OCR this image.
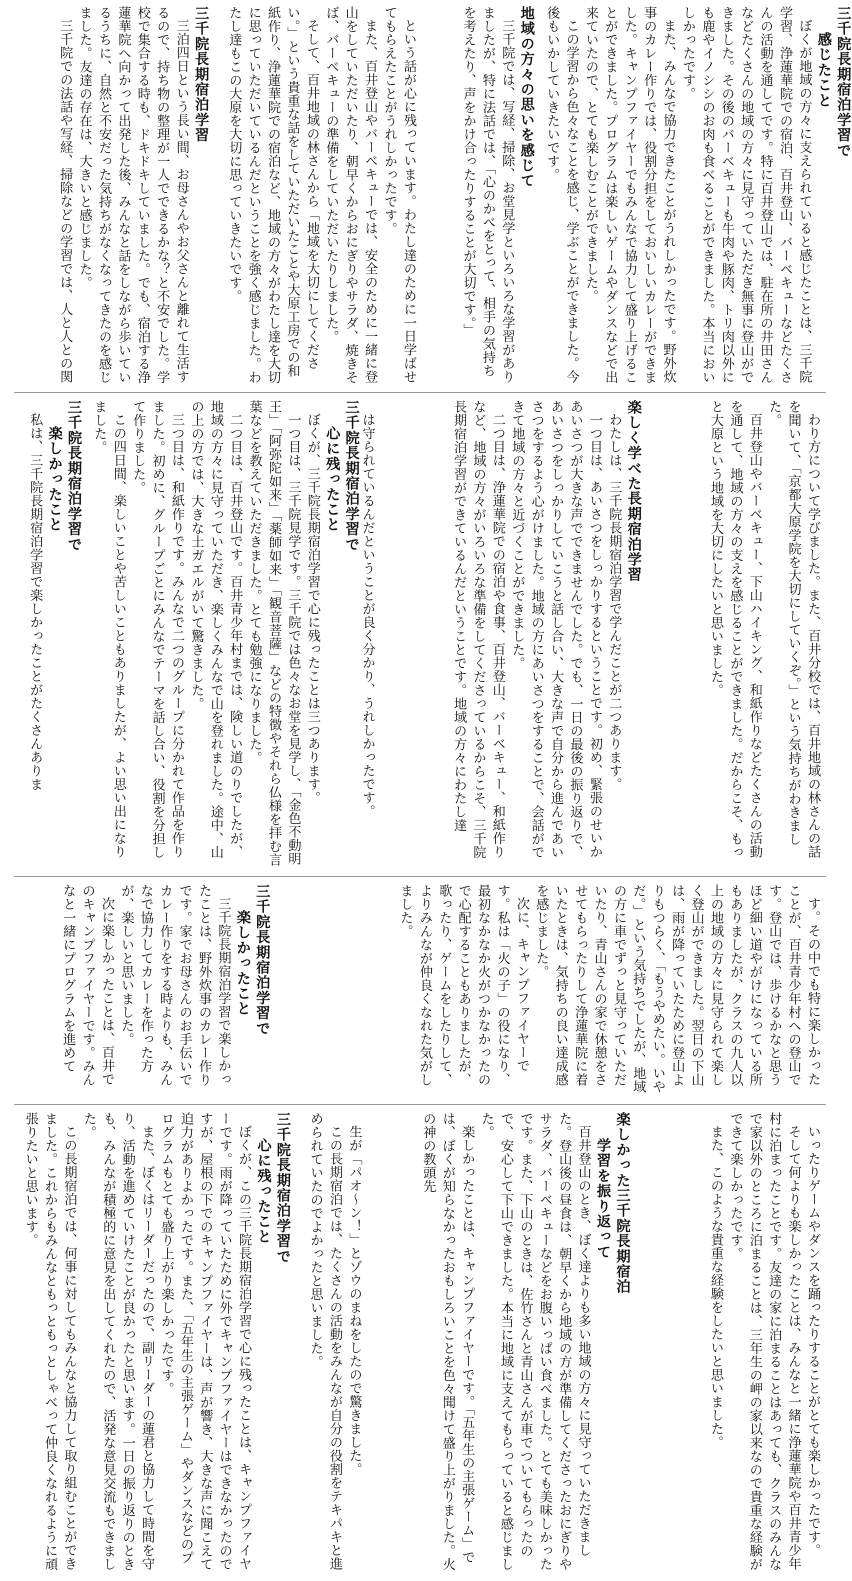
三千院長期宿泊学習で
感じたこと

ぼくが地域の方々に支えられていると感じたことは、三千院学習、浄蓮華院での宿泊、百井登山、バーベキューなどたくさんの活動を通してです。特に百井登山では、駐在所の井田さんなどたくさんの地域の方々に見守っていただき無事に登山ができました。その後のバーベキューも牛肉や豚肉、トリ肉以外にも鹿やイノシシのお肉も食べることができました。本当においしかったです。

また、みんなで協力できたことがうれしかったです。野外炊事のカレー作りでは、役割分担をしておいしいカレーができました。キャンプファイヤーでもみんなで協力して盛り上げることができました。プログラムは楽しいゲームやダンスなどで出来ていたので、とても楽しむことができました。

この学習から色々なことを感じ、学ぶことができました。今後もいかしていきたいです。

地域の方々の思いを感じて

三千院では、写経、掃除、お堂見学といろいろな学習がありましたが、特に法話では、「心のかべをとって、相手の気持ちを考えたり、声をかけ合ったりすることが大切です。」

という話が心に残っています。わたし達のために一日学ばせてもらえたことがうれしかったです。

また、百井登山やバーベキューでは、安全のために一緒に登山をしていただいたり、朝早くからおにぎりやサラダ、焼きそば、バーベキューの準備をしていただいたりしました。

そして、百井地域の林さんから「地域を大切にしてください。」という貴重な話をしていただいたことや大原工房での和紙作り、浄蓮華院での宿泊など、地域の方々がわたし達を大切に思っていただいているんだということを強く感じました。わたし達もこの大原を大切に思っていきたいです。

三千院長期宿泊学習

三泊四日という長い間、お母さんやお父さんと離れて生活するので、持ち物の整理が一人でできるかな？と不安でした。学校で集合する時も、ドキドキしていました。でも、宿泊する浄蓮華院へ向かって出発した後、みんなと話をしながら歩いているうちに、自然と不安だった気持ちがなくなってきたのを感じました。友達の存在は、大きいと感じました。

三千院での法話や写経、掃除などの学習では、人と人との関

わり方について学びました。また、百井分校では、百井地域の林さんの話を聞いて、「京都大原学院を大切にしていくぞ。」という気持ちがわきました。

百井登山やバーベキュー、下山ハイキング、和紙作りなどたくさんの活動を通して、地域の方々の支えを感じることができました。だからこそ、もっと大原という地域を大切にしたいと思いました。

楽しく学べた長期宿泊学習

わたしは、三千院長期宿泊学習で学んだことが二つあります。

一つ目は、あいさつをしっかりするということです。初め、緊張のせいかあいさつが大きな声でできませんでした。でも、一日の最後の振り返りで、あいさつをしっかりしていこうと話し合い、大きな声で自分から進んであいさつをするよう心がけました。地域の方にあいさつをすることで、会話ができて地域の方々と近づくことができました。

二つ目は、浄蓮華院での宿泊や食事、百井登山、バーベキュー、和紙作りなど、地域の方々がいろいろな準備をしてくださっているからこそ、三千院長期宿泊学習ができているんだということです。地域の方々にわたし達

は守られているんだということが良く分かり、うれしかったです。

三千院長期宿泊学習で
心に残ったこと

ぼくが、三千院長期宿泊学習で心に残ったことは三つあります。

一つ目は、三千院見学です。三千院では色々なお堂を見学し、「金色不動明王」「阿弥陀如来」「薬師如来」「観音菩薩」などの特徴やそれら仏様を拝む言葉などを教えていただきました。とても勉強になりました。

二つ目は、百井登山です。百井青少年村までは、険しい道のりでしたが、地域の方々に見守っていただき、楽しくみんなで山を登れました。途中、山の上の方では、大きな土ガエルがいて驚きました。

三つ目は、和紙作りです。みんなで二つのグループに分かれて作品を作りました。初めに、グループごとにみんなでテーマを話し合い、役割を分担して作りました。

この四日間、楽しいことや苦しいこともありましたが、よい思い出になりました。

三千院長期宿泊学習で
楽しかったこと

私は、三千院長期宿泊学習で楽しかったことがたくさんありま

す。その中でも特に楽しかったことが、百井青少年村への登山です。登山では、歩けるかなと思うほど細い道やがけになっている所もありましたが、クラスの九人以上の地域の方々に見守られて楽しく登山ができました。翌日の下山は、雨が降っていたために登山よりもつらく、「もうやめたい。いやだ。」という気持ちでしたが、地域の方に車でずっと見守っていただいたり、青山さんの家で休憩をさせてもらったりして浄蓮華院に着いたときは、気持ちの良い達成感を感じました。

次に、キャンプファイヤーです。私は「火の子」の役になり、最初なかなか火がつかなかったので心配することもありましたが、歌ったり、ゲームをしたりして、よりみんなが仲良くなれた気がしました。

三千院長期宿泊学習で
楽しかったこと

三千院長期宿泊学習で楽しかったことは、野外炊事のカレー作りです。家でお母さんのお手伝いでカレー作りをする時よりも、みんなで協力してカレーを作った方が、楽しいと思いました。

次に楽しかったことは、百井でのキャンプファイヤーです。みんなと一緒にプログラムを進めて

いったりゲームやダンスを踊ったりすることがとても楽しかったです。

そして何よりも楽しかったことは、みんなと一緒に浄蓮華院や百井青少年村に泊まったことです。友達の家に泊まることはあっても、クラスのみんなで家以外のところに泊まることは、三年生の岬の家以来なので貴重な経験ができて楽しかったです。

また、このような貴重な経験をしたいと思いました。

楽しかった三千院長期宿泊
学習を振り返って

百井登山のとき、ぼく達よりも多い地域の方々に見守っていただきました。登山後の昼食は、朝早くから地域の方が準備してくださったおにぎりやサラダ、バーベキューなどをお腹いっぱい食べました。とても美味しかったです。また、下山のときは、佐竹さんと青山さんが車でついてもらったので、安心して下山できました。本当に地域に支えてもらっていると感じました。

楽しかったことは、キャンプファイヤーです。「五年生の主張ゲーム」では、ぼくが知らなかったおもしろいことを色々聞けて盛り上がりました。火の神の教頭先

生が「パオ～ン！」とゾウのまねをしたので驚きました。

この長期宿泊では、たくさんの活動をみんなが自分の役割をテキパキと進められていたのでよかったと思いました。

三千院長期宿泊学習で
心に残ったこと

ぼくが、この三千院長期宿泊学習で心に残ったことは、キャンプファイヤーです。雨が降っていたために外でキャンプファイヤーはできなかったのですが、屋根の下でのキャンプファイヤーは、声が響き、大きな声に聞こえて迫力がありよかったです。また、「五年生の主張ゲーム」やダンスなどのプログラムもとても盛り上がり楽しかったです。

また、ぼくはリーダーだったので、副リーダーの蓮君と協力して時間を守り、活動を進めていけたことが良かったと思います。一日の振り返りのときも、みんなが積極的に意見を出してくれたので、活発な意見交流もできました。

この長期宿泊では、何事に対してもみんなと協力して取り組むことができました。これからもみんなともっともっとしゃべって仲良くなれるように頑張りたいと思います。
